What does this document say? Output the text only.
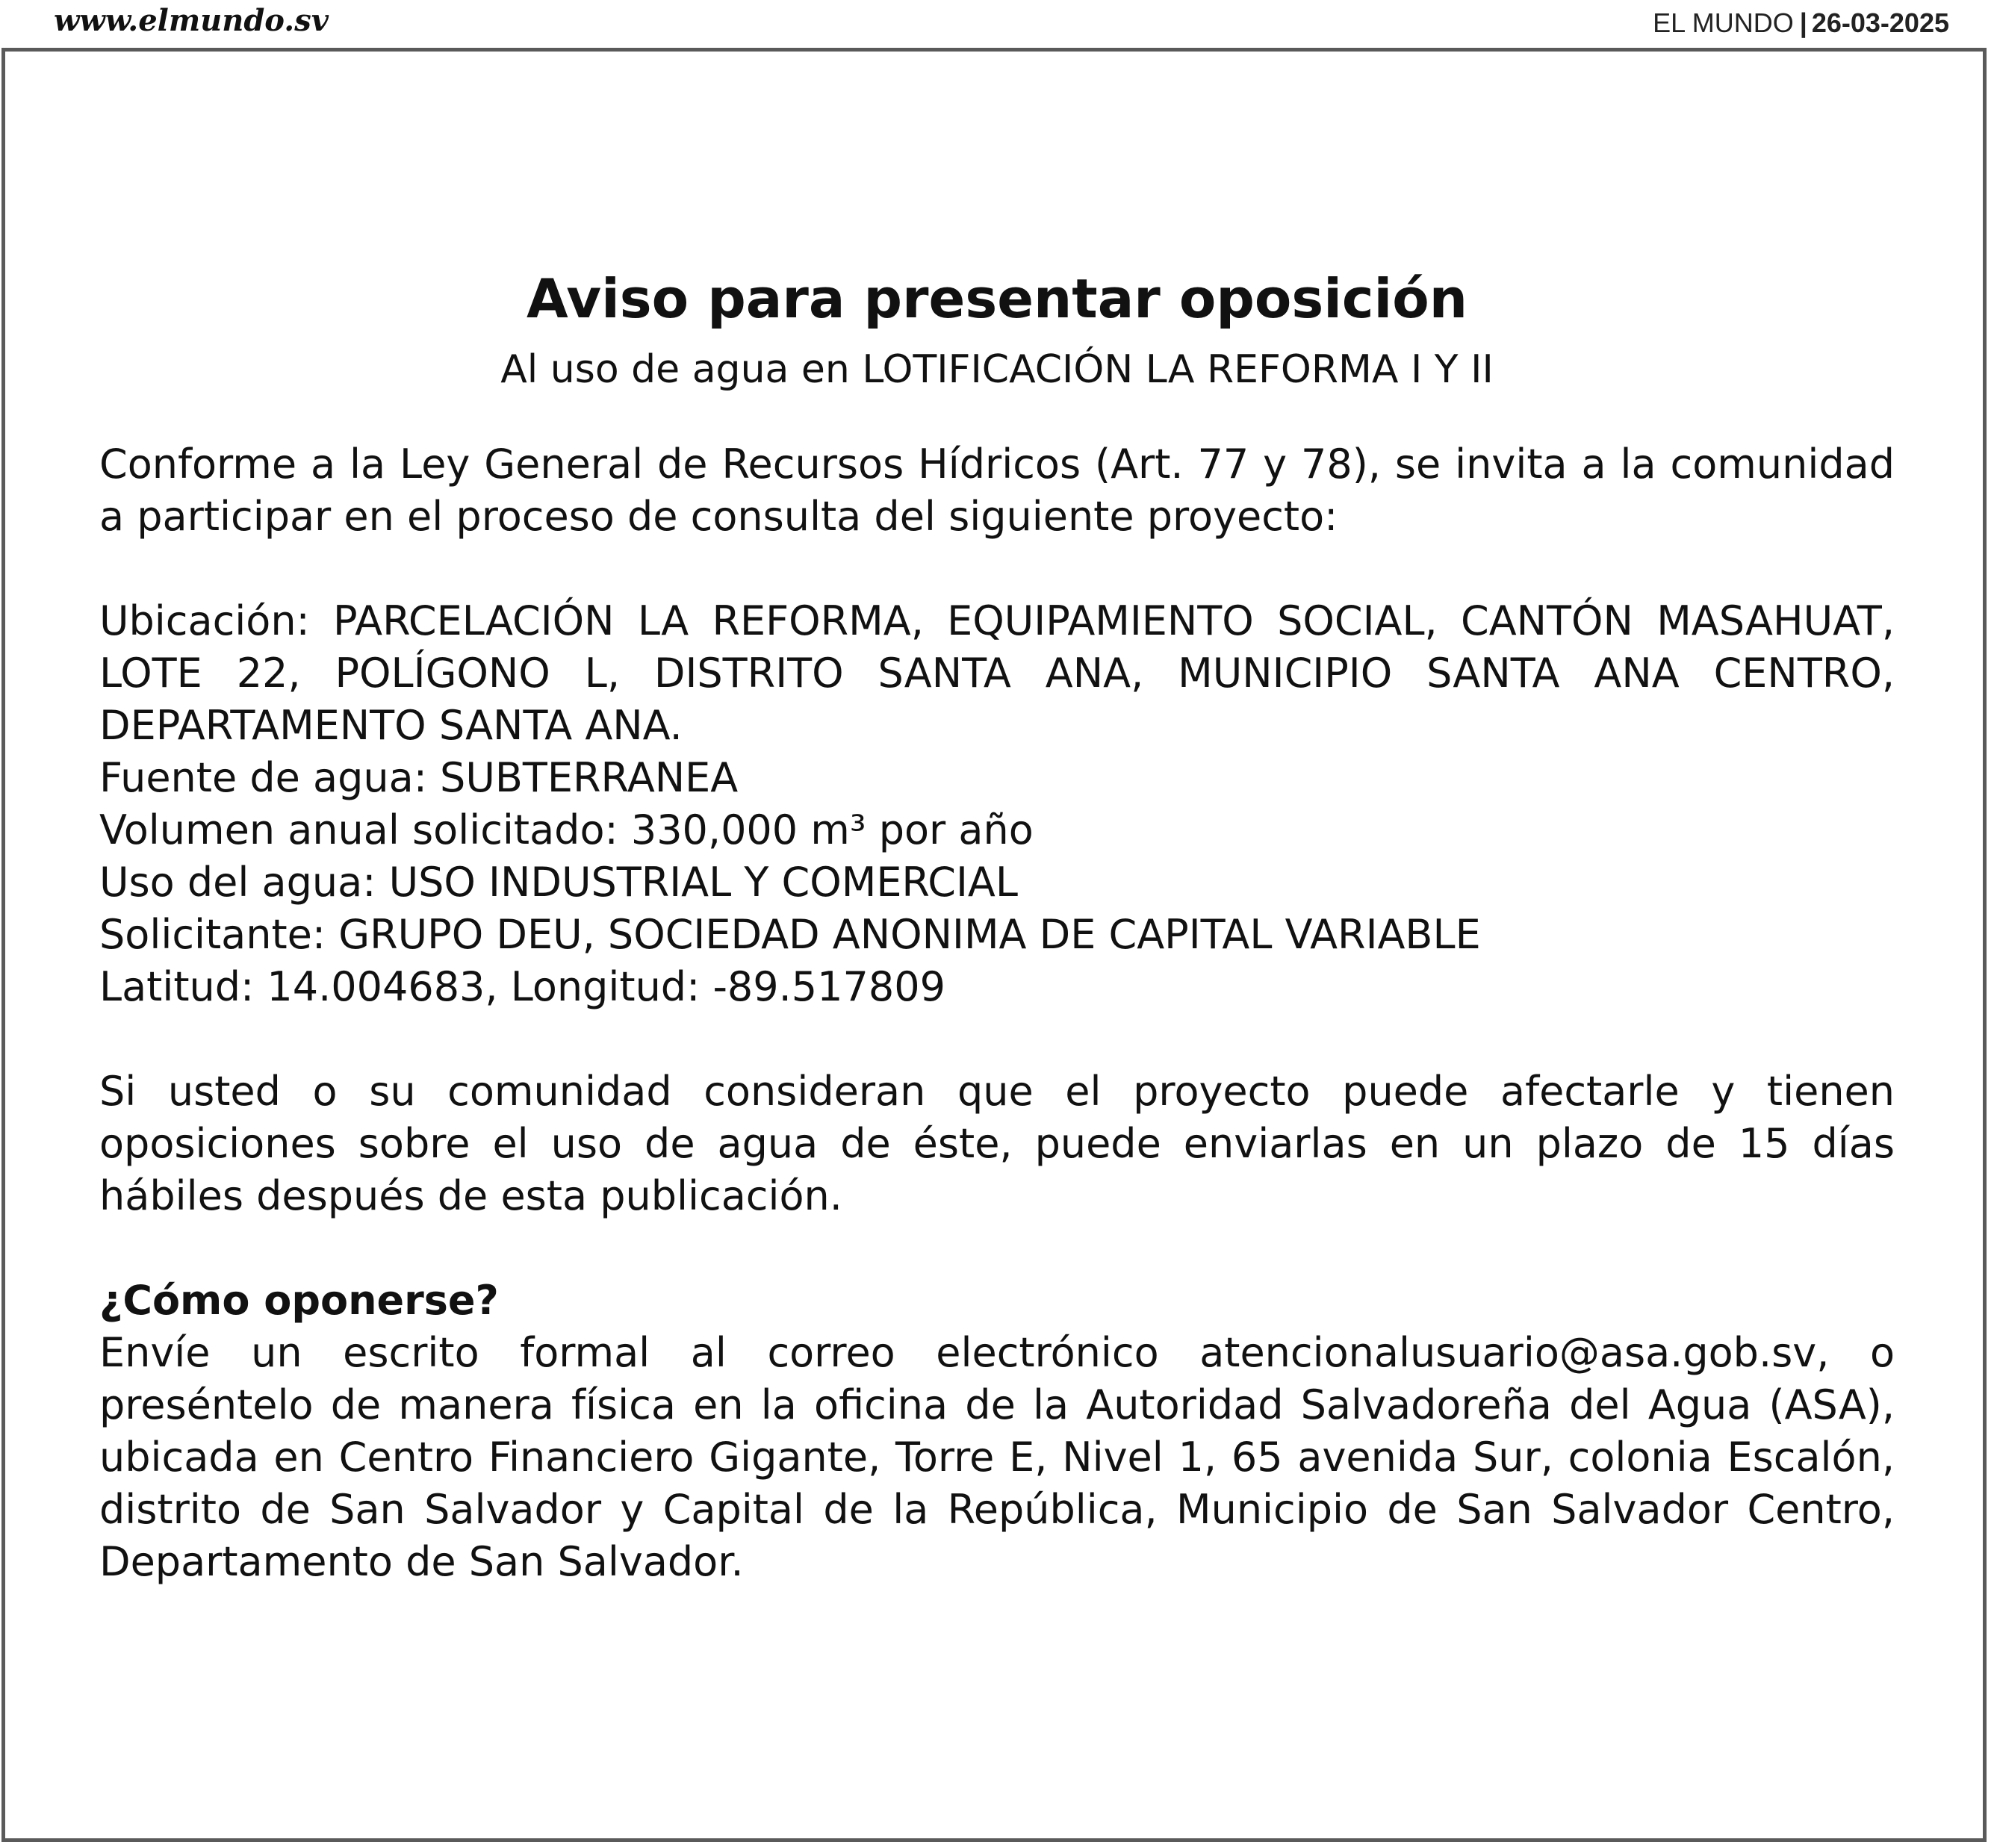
www.elmundo.sv	EL MUNDO | 26-03-2025

Aviso para presentar oposición

Al uso de agua en LOTIFICACIÓN LA REFORMA I Y II

Conforme a la Ley General de Recursos Hídricos (Art. 77 y 78), se invita a la comunidad a participar en el proceso de consulta del siguiente proyecto:

Ubicación: PARCELACIÓN LA REFORMA, EQUIPAMIENTO SOCIAL, CANTÓN MASAHUAT, LOTE 22, POLÍGONO L, DISTRITO SANTA ANA, MUNICIPIO SANTA ANA CENTRO, DEPARTAMENTO SANTA ANA.

Fuente de agua: SUBTERRANEA

Volumen anual solicitado: 330,000 m³ por año

Uso del agua: USO INDUSTRIAL Y COMERCIAL

Solicitante: GRUPO DEU, SOCIEDAD ANONIMA DE CAPITAL VARIABLE

Latitud: 14.004683, Longitud: -89.517809

Si usted o su comunidad consideran que el proyecto puede afectarle y tienen oposiciones sobre el uso de agua de éste, puede enviarlas en un plazo de 15 días hábiles después de esta publicación.

¿Cómo oponerse?

Envíe un escrito formal al correo electrónico atencionalusuario@asa.gob.sv, o preséntelo de manera física en la oficina de la Autoridad Salvadoreña del Agua (ASA), ubicada en Centro Financiero Gigante, Torre E, Nivel 1, 65 avenida Sur, colonia Escalón, distrito de San Salvador y Capital de la República, Municipio de San Salvador Centro, Departamento de San Salvador.
